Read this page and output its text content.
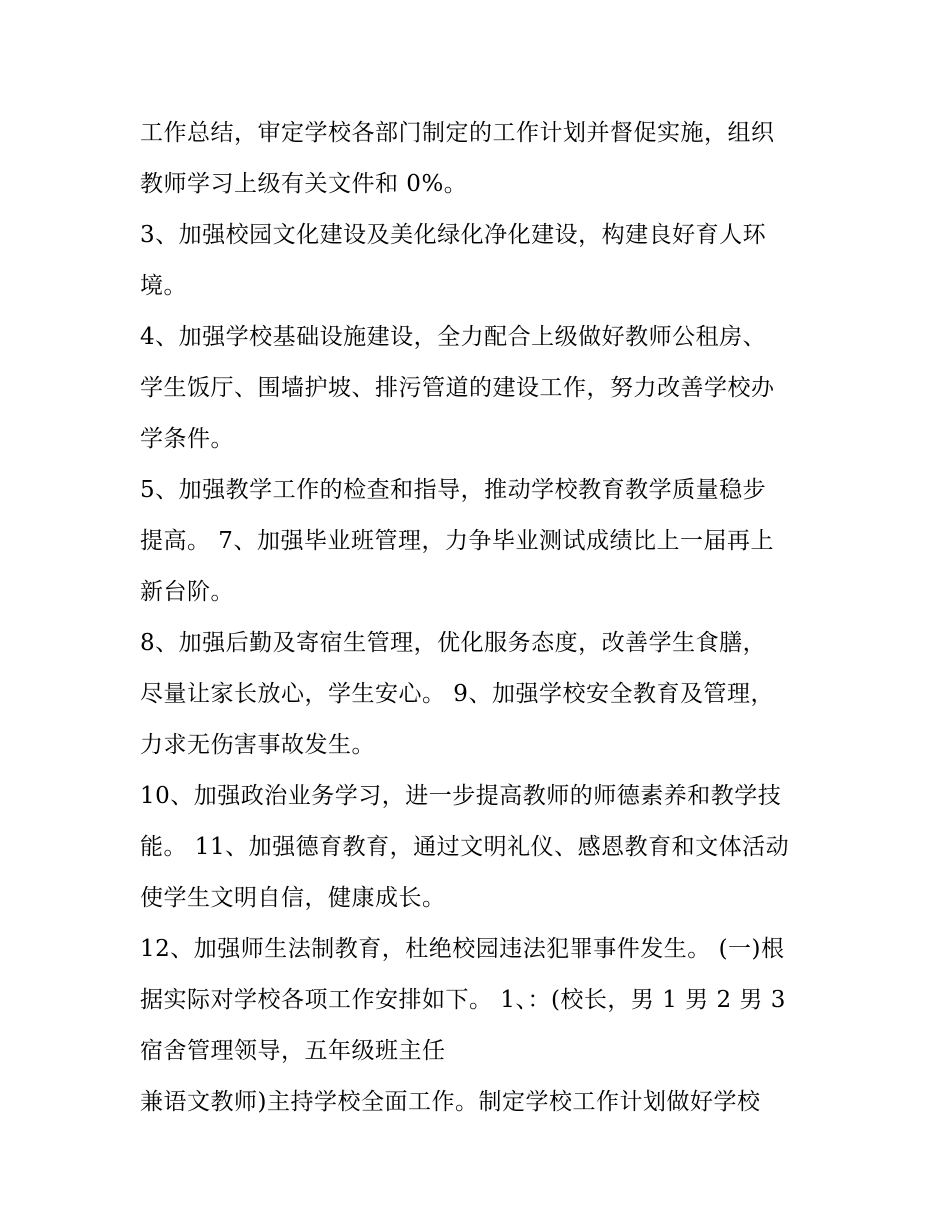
工作总结，审定学校各部门制定的工作计划并督促实施，组织
教师学习上级有关文件和 0%。
3、加强校园文化建设及美化绿化净化建设，构建良好育人环
境。
4、加强学校基础设施建设，全力配合上级做好教师公租房、
学生饭厅、围墙护坡、排污管道的建设工作，努力改善学校办
学条件。
5、加强教学工作的检查和指导，推动学校教育教学质量稳步
提高。 7、加强毕业班管理，力争毕业测试成绩比上一届再上
新台阶。
8、加强后勤及寄宿生管理，优化服务态度，改善学生食膳，
尽量让家长放心，学生安心。 9、加强学校安全教育及管理，
力求无伤害事故发生。
10、加强政治业务学习，进一步提高教师的师德素养和教学技
能。 11、加强德育教育，通过文明礼仪、感恩教育和文体活动
使学生文明自信，健康成长。
12、加强师生法制教育，杜绝校园违法犯罪事件发生。 (一)根
据实际对学校各项工作安排如下。 1、：(校长，男 1 男 2 男 3
宿舍管理领导，五年级班主任
兼语文教师)主持学校全面工作。制定学校工作计划做好学校
